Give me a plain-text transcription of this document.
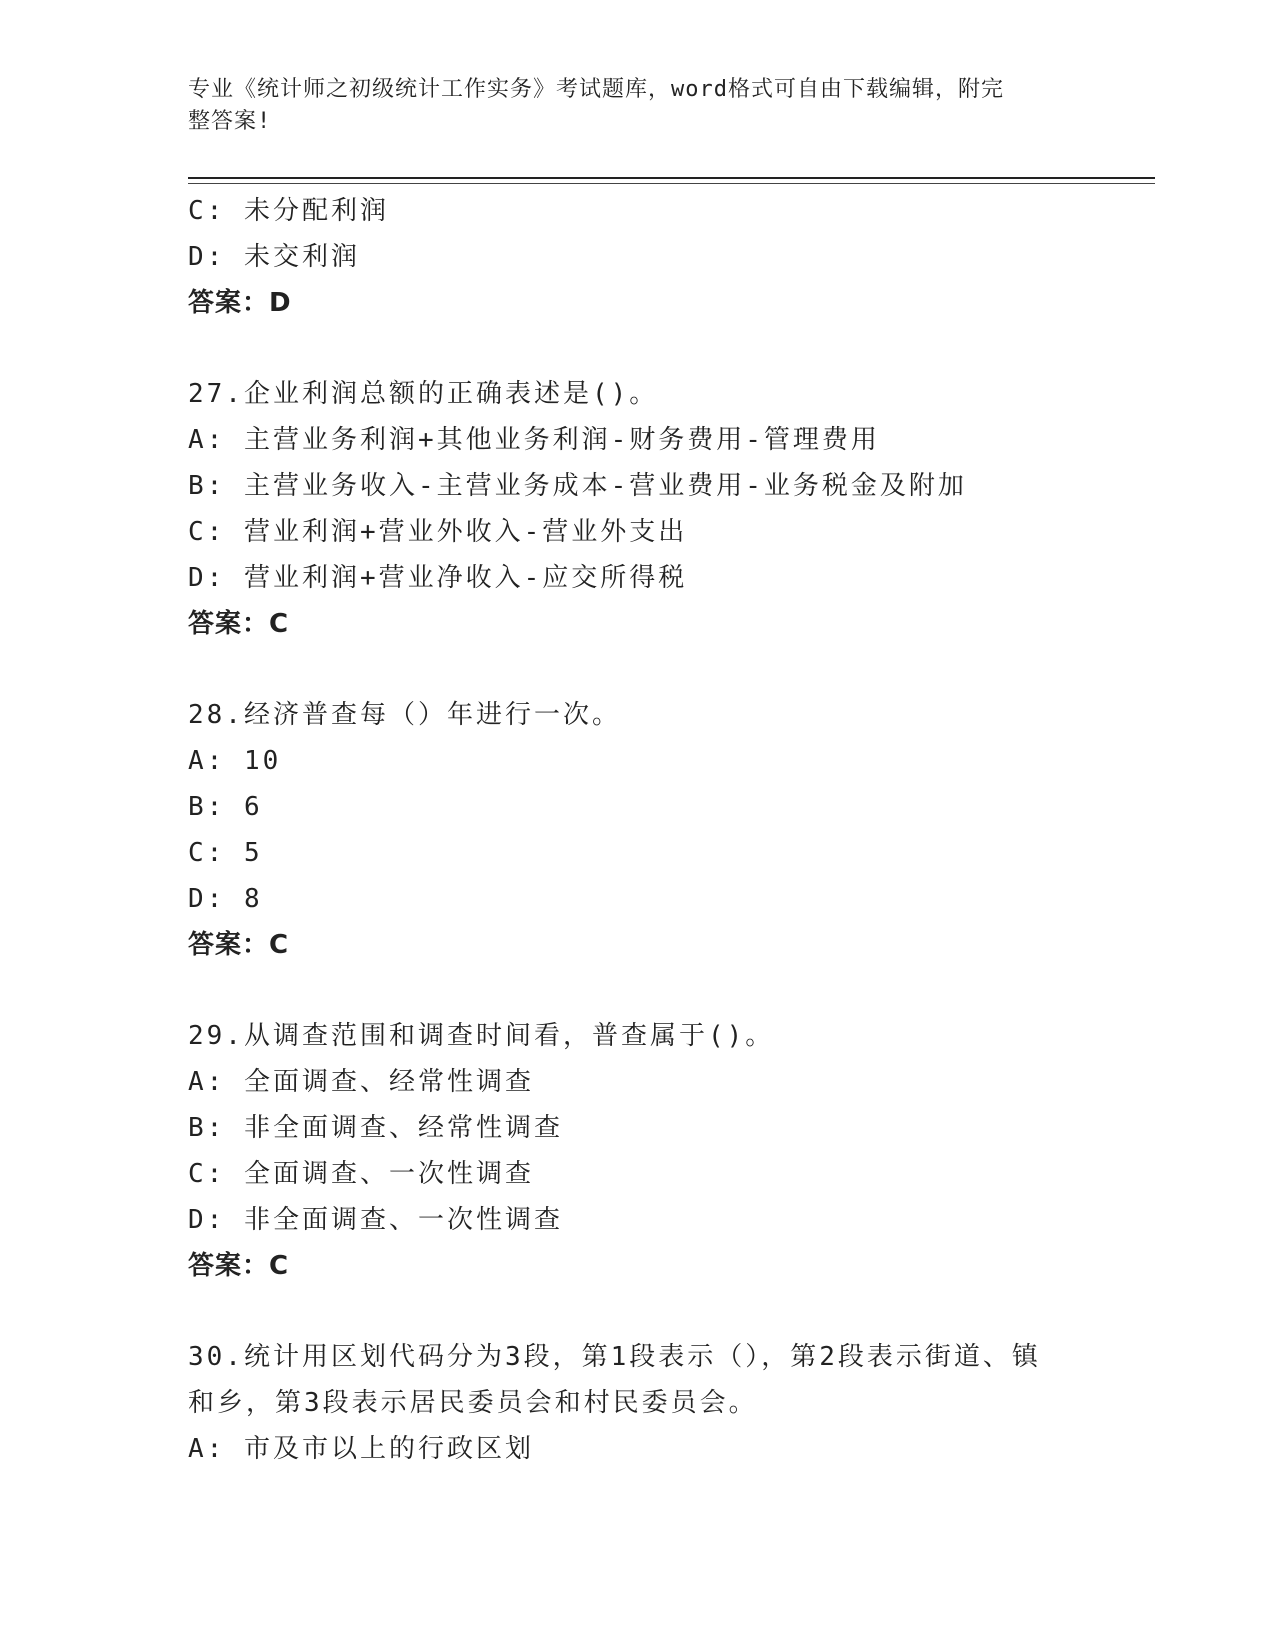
专业《统计师之初级统计工作实务》考试题库，word格式可自由下载编辑，附完
整答案!
C: 未分配利润
D: 未交利润
答案：D
27.企业利润总额的正确表述是()。
A: 主营业务利润+其他业务利润-财务费用-管理费用
B: 主营业务收入-主营业务成本-营业费用-业务税金及附加
C: 营业利润+营业外收入-营业外支出
D: 营业利润+营业净收入-应交所得税
答案：C
28.经济普查每（）年进行一次。
A: 10
B: 6
C: 5
D: 8
答案：C
29.从调查范围和调查时间看，普查属于()。
A: 全面调查、经常性调查
B: 非全面调查、经常性调查
C: 全面调查、一次性调查
D: 非全面调查、一次性调查
答案：C
30.统计用区划代码分为3段，第1段表示（），第2段表示街道、镇
和乡，第3段表示居民委员会和村民委员会。
A: 市及市以上的行政区划
